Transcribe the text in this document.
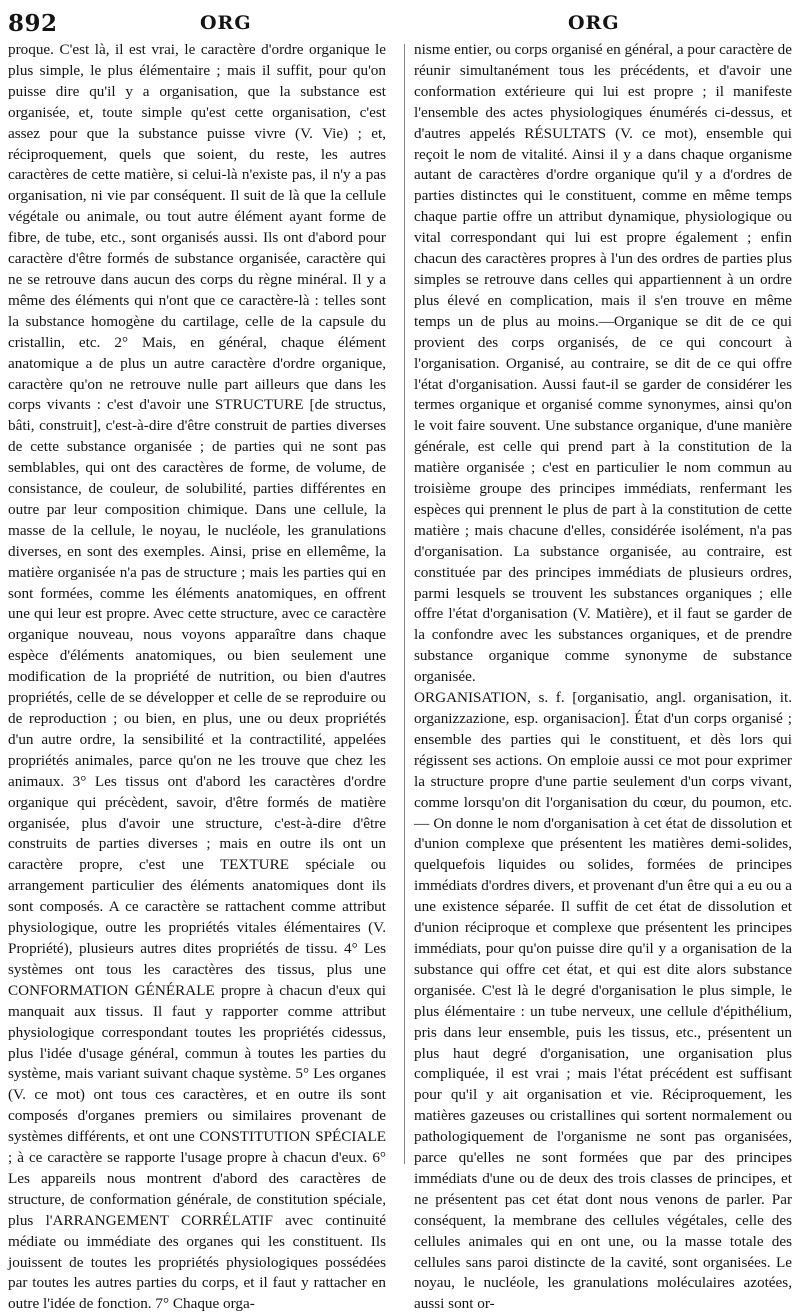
892	ORG	ORG

proque. C'est là, il est vrai, le caractère d'ordre organique le plus simple, le plus élémentaire ; mais il suffit, pour qu'on puisse dire qu'il y a organisation, que la substance est organisée, et, toute simple qu'est cette organisation, c'est assez pour que la substance puisse vivre (V. Vie) ; et, réciproquement, quels que soient, du reste, les autres caractères de cette matière, si celui-là n'existe pas, il n'y a pas organisation, ni vie par conséquent. Il suit de là que la cellule végétale ou animale, ou tout autre élément ayant forme de fibre, de tube, etc., sont organisés aussi. Ils ont d'abord pour caractère d'être formés de substance organisée, caractère qui ne se retrouve dans aucun des corps du règne minéral. Il y a même des éléments qui n'ont que ce caractère-là : telles sont la substance homogène du cartilage, celle de la capsule du cristallin, etc. 2° Mais, en général, chaque élément anatomique a de plus un autre caractère d'ordre organique, caractère qu'on ne retrouve nulle part ailleurs que dans les corps vivants : c'est d'avoir une STRUCTURE [de structus, bâti, construit], c'est-à-dire d'être construit de parties diverses de cette substance organisée ; de parties qui ne sont pas semblables, qui ont des caractères de forme, de volume, de consistance, de couleur, de solubilité, parties différentes en outre par leur composition chimique. Dans une cellule, la masse de la cellule, le noyau, le nucléole, les granulations diverses, en sont des exemples. Ainsi, prise en ellemême, la matière organisée n'a pas de structure ; mais les parties qui en sont formées, comme les éléments anatomiques, en offrent une qui leur est propre. Avec cette structure, avec ce caractère organique nouveau, nous voyons apparaître dans chaque espèce d'éléments anatomiques, ou bien seulement une modification de la propriété de nutrition, ou bien d'autres propriétés, celle de se développer et celle de se reproduire ou de reproduction ; ou bien, en plus, une ou deux propriétés d'un autre ordre, la sensibilité et la contractilité, appelées propriétés animales, parce qu'on ne les trouve que chez les animaux. 3° Les tissus ont d'abord les caractères d'ordre organique qui précèdent, savoir, d'être formés de matière organisée, plus d'avoir une structure, c'est-à-dire d'être construits de parties diverses ; mais en outre ils ont un caractère propre, c'est une TEXTURE spéciale ou arrangement particulier des éléments anatomiques dont ils sont composés. A ce caractère se rattachent comme attribut physiologique, outre les propriétés vitales élémentaires (V. Propriété), plusieurs autres dites propriétés de tissu. 4° Les systèmes ont tous les caractères des tissus, plus une CONFORMATION GÉNÉRALE propre à chacun d'eux qui manquait aux tissus. Il faut y rapporter comme attribut physiologique correspondant toutes les propriétés cidessus, plus l'idée d'usage général, commun à toutes les parties du système, mais variant suivant chaque système. 5° Les organes (V. ce mot) ont tous ces caractères, et en outre ils sont composés d'organes premiers ou similaires provenant de systèmes différents, et ont une CONSTITUTION SPÉCIALE ; à ce caractère se rapporte l'usage propre à chacun d'eux. 6° Les appareils nous montrent d'abord des caractères de structure, de conformation générale, de constitution spéciale, plus l'ARRANGEMENT CORRÉLATIF avec continuité médiate ou immédiate des organes qui les constituent. Ils jouissent de toutes les propriétés physiologiques possédées par toutes les autres parties du corps, et il faut y rattacher en outre l'idée de fonction. 7° Chaque orga-

nisme entier, ou corps organisé en général, a pour caractère de réunir simultanément tous les précédents, et d'avoir une conformation extérieure qui lui est propre ; il manifeste l'ensemble des actes physiologiques énumérés ci-dessus, et d'autres appelés RÉSULTATS (V. ce mot), ensemble qui reçoit le nom de vitalité. Ainsi il y a dans chaque organisme autant de caractères d'ordre organique qu'il y a d'ordres de parties distinctes qui le constituent, comme en même temps chaque partie offre un attribut dynamique, physiologique ou vital correspondant qui lui est propre également ; enfin chacun des caractères propres à l'un des ordres de parties plus simples se retrouve dans celles qui appartiennent à un ordre plus élevé en complication, mais il s'en trouve en même temps un de plus au moins.—Organique se dit de ce qui provient des corps organisés, de ce qui concourt à l'organisation. Organisé, au contraire, se dit de ce qui offre l'état d'organisation. Aussi faut-il se garder de considérer les termes organique et organisé comme synonymes, ainsi qu'on le voit faire souvent. Une substance organique, d'une manière générale, est celle qui prend part à la constitution de la matière organisée ; c'est en particulier le nom commun au troisième groupe des principes immédiats, renfermant les espèces qui prennent le plus de part à la constitution de cette matière ; mais chacune d'elles, considérée isolément, n'a pas d'organisation. La substance organisée, au contraire, est constituée par des principes immédiats de plusieurs ordres, parmi lesquels se trouvent les substances organiques ; elle offre l'état d'organisation (V. Matière), et il faut se garder de la confondre avec les substances organiques, et de prendre substance organique comme synonyme de substance organisée.

ORGANISATION, s. f. [organisatio, angl. organisation, it. organizzazione, esp. organisacion]. État d'un corps organisé ; ensemble des parties qui le constituent, et dès lors qui régissent ses actions. On emploie aussi ce mot pour exprimer la structure propre d'une partie seulement d'un corps vivant, comme lorsqu'on dit l'organisation du cœur, du poumon, etc.— On donne le nom d'organisation à cet état de dissolution et d'union complexe que présentent les matières demi-solides, quelquefois liquides ou solides, formées de principes immédiats d'ordres divers, et provenant d'un être qui a eu ou a une existence séparée. Il suffit de cet état de dissolution et d'union réciproque et complexe que présentent les principes immédiats, pour qu'on puisse dire qu'il y a organisation de la substance qui offre cet état, et qui est dite alors substance organisée. C'est là le degré d'organisation le plus simple, le plus élémentaire : un tube nerveux, une cellule d'épithélium, pris dans leur ensemble, puis les tissus, etc., présentent un plus haut degré d'organisation, une organisation plus compliquée, il est vrai ; mais l'état précédent est suffisant pour qu'il y ait organisation et vie. Réciproquement, les matières gazeuses ou cristallines qui sortent normalement ou pathologiquement de l'organisme ne sont pas organisées, parce qu'elles ne sont formées que par des principes immédiats d'une ou de deux des trois classes de principes, et ne présentent pas cet état dont nous venons de parler. Par conséquent, la membrane des cellules végétales, celle des cellules animales qui en ont une, ou la masse totale des cellules sans paroi distincte de la cavité, sont organisées. Le noyau, le nucléole, les granulations moléculaires azotées, aussi sont or-
